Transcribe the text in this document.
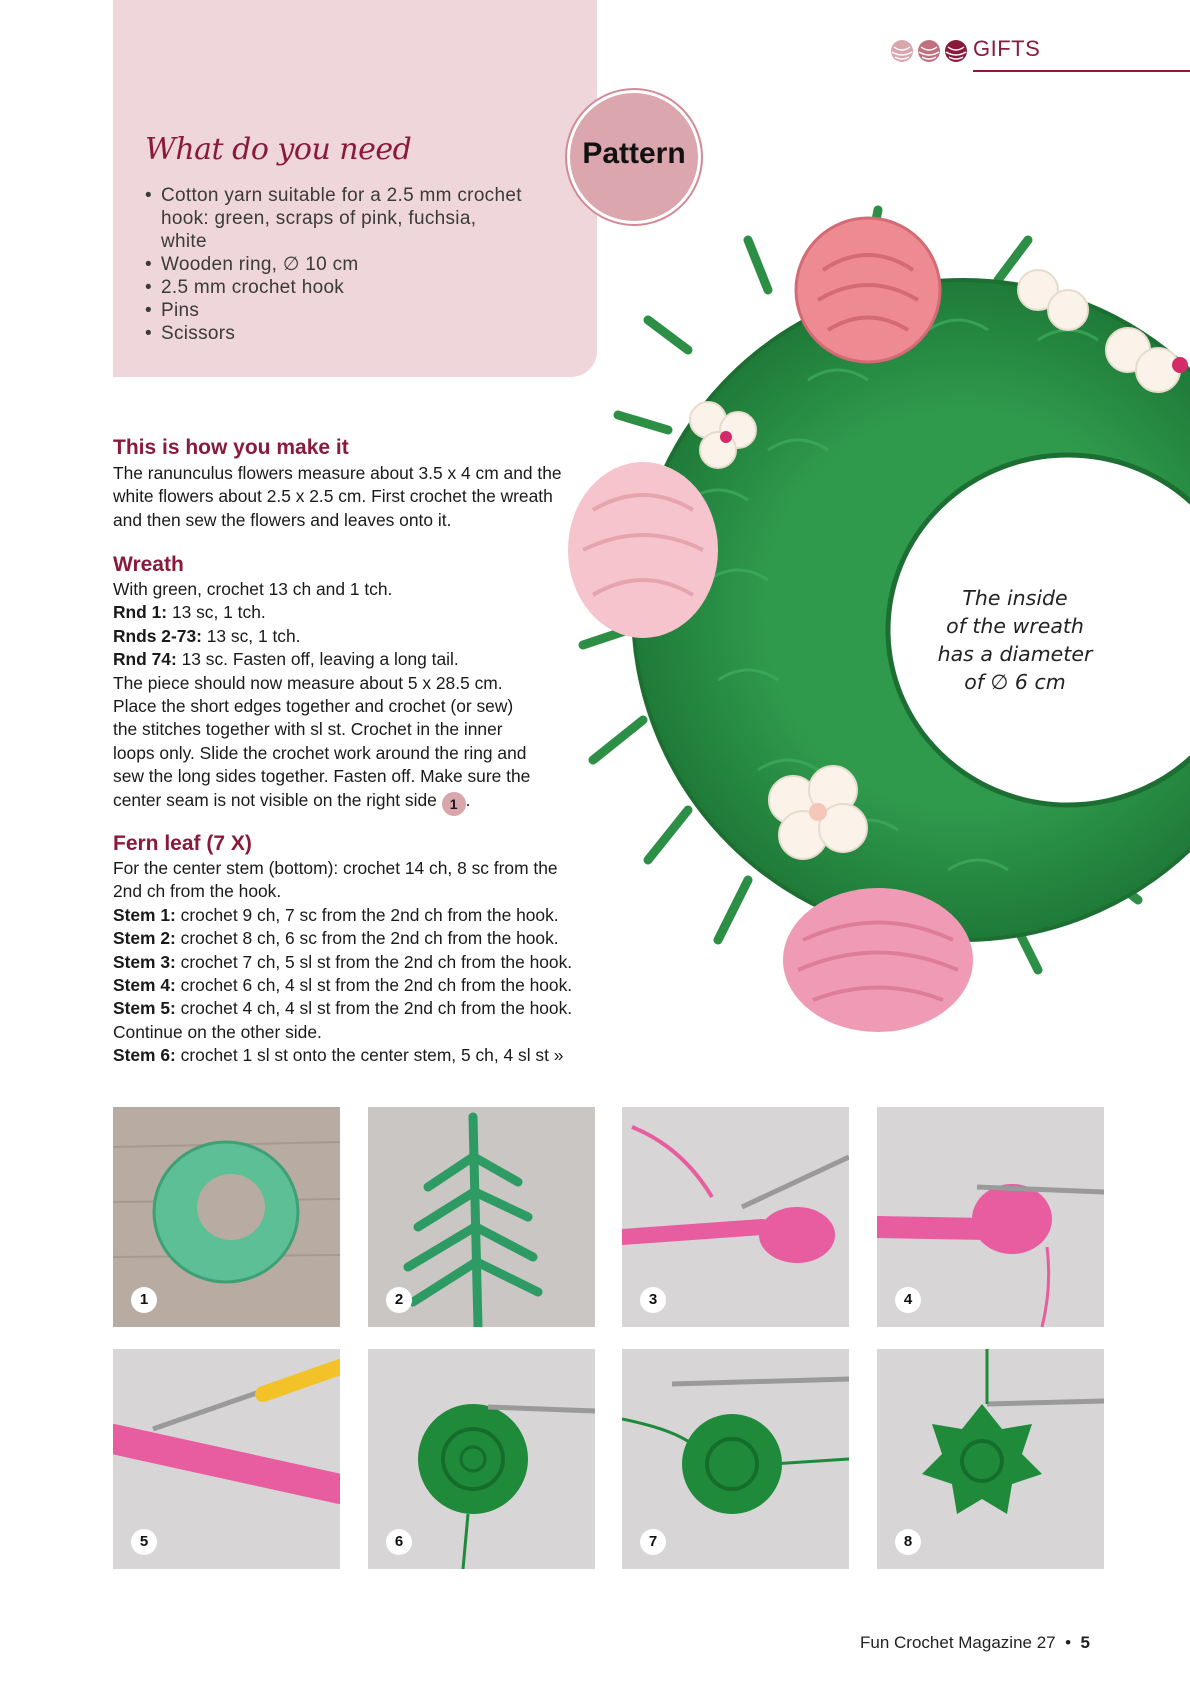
GIFTS
What do you need
• Cotton yarn suitable for a 2.5 mm crochet hook: green, scraps of pink, fuchsia, white
• Wooden ring, ∅ 10 cm
• 2.5 mm crochet hook
• Pins
• Scissors
Pattern
The inside
of the wreath
has a diameter
of ∅ 6 cm
This is how you make it
The ranunculus flowers measure about 3.5 x 4 cm and the
white flowers about 2.5 x 2.5 cm. First crochet the wreath
and then sew the flowers and leaves onto it.
Wreath
With green, crochet 13 ch and 1 tch.
Rnd 1: 13 sc, 1 tch.
Rnds 2-73: 13 sc, 1 tch.
Rnd 74: 13 sc. Fasten off, leaving a long tail.
The piece should now measure about 5 x 28.5 cm.
Place the short edges together and crochet (or sew)
the stitches together with sl st. Crochet in the inner
loops only. Slide the crochet work around the ring and
sew the long sides together. Fasten off. Make sure the
center seam is not visible on the right side 1 .
Fern leaf (7 X)
For the center stem (bottom): crochet 14 ch, 8 sc from the
2nd ch from the hook.
Stem 1: crochet 9 ch, 7 sc from the 2nd ch from the hook.
Stem 2: crochet 8 ch, 6 sc from the 2nd ch from the hook.
Stem 3: crochet 7 ch, 5 sl st from the 2nd ch from the hook.
Stem 4: crochet 6 ch, 4 sl st from the 2nd ch from the hook.
Stem 5: crochet 4 ch, 4 sl st from the 2nd ch from the hook.
Continue on the other side.
Stem 6: crochet 1 sl st onto the center stem, 5 ch, 4 sl st »
1	2	3	4
5	6	7	8
Fun Crochet Magazine 27 • 5
